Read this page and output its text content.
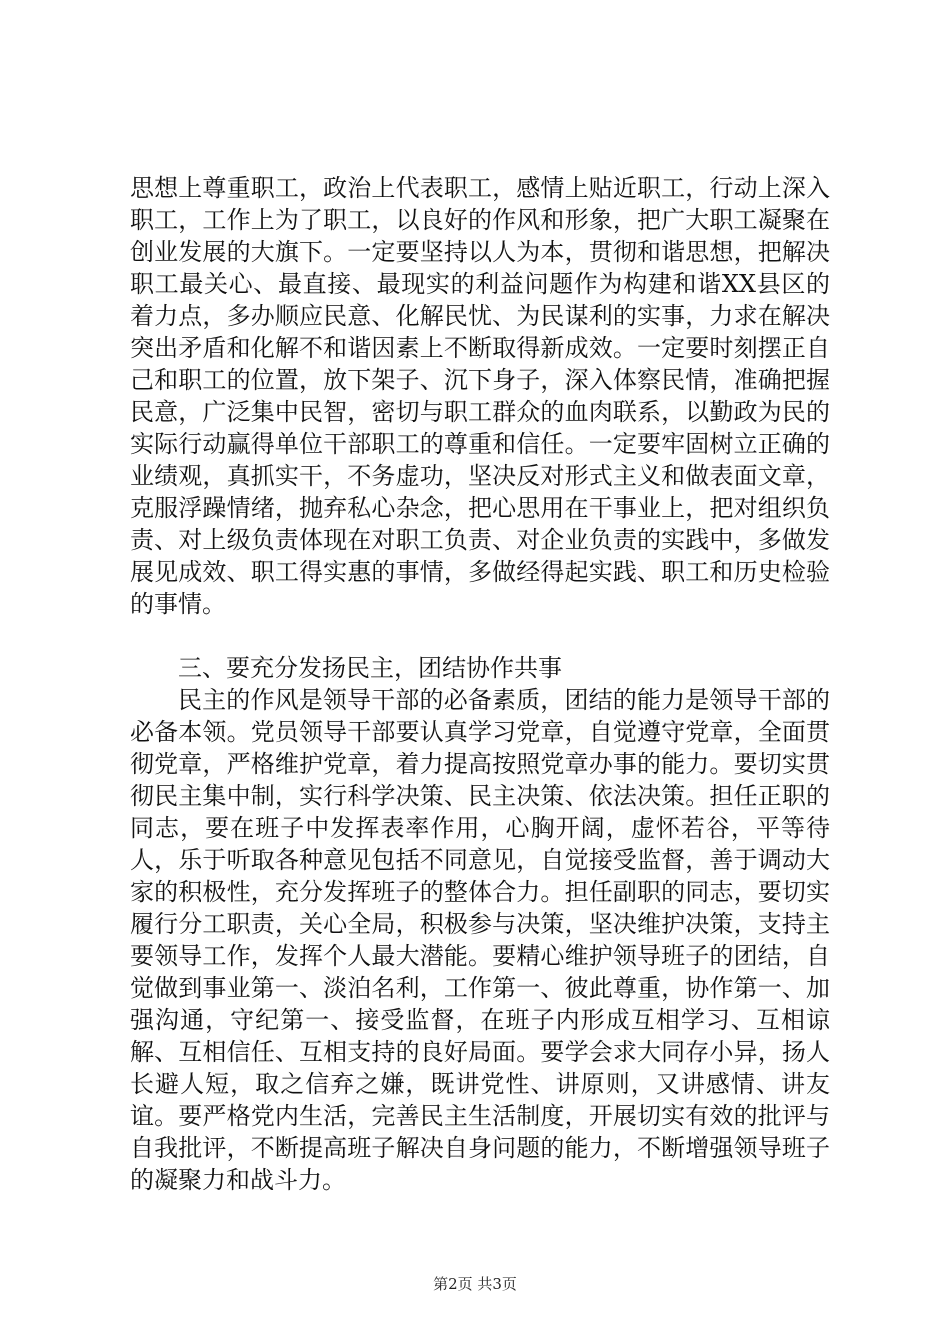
思想上尊重职工，政治上代表职工，感情上贴近职工，行动上深入职工，工作上为了职工，以良好的作风和形象，把广大职工凝聚在创业发展的大旗下。一定要坚持以人为本，贯彻和谐思想，把解决职工最关心、最直接、最现实的利益问题作为构建和谐XX县区的着力点，多办顺应民意、化解民忧、为民谋利的实事，力求在解决突出矛盾和化解不和谐因素上不断取得新成效。一定要时刻摆正自己和职工的位置，放下架子、沉下身子，深入体察民情，准确把握民意，广泛集中民智，密切与职工群众的血肉联系，以勤政为民的实际行动赢得单位干部职工的尊重和信任。一定要牢固树立正确的业绩观，真抓实干，不务虚功，坚决反对形式主义和做表面文章，克服浮躁情绪，抛弃私心杂念，把心思用在干事业上，把对组织负责、对上级负责体现在对职工负责、对企业负责的实践中，多做发展见成效、职工得实惠的事情，多做经得起实践、职工和历史检验的事情。

三、要充分发扬民主，团结协作共事

民主的作风是领导干部的必备素质，团结的能力是领导干部的必备本领。党员领导干部要认真学习党章，自觉遵守党章，全面贯彻党章，严格维护党章，着力提高按照党章办事的能力。要切实贯彻民主集中制，实行科学决策、民主决策、依法决策。担任正职的同志，要在班子中发挥表率作用，心胸开阔，虚怀若谷，平等待人，乐于听取各种意见包括不同意见，自觉接受监督，善于调动大家的积极性，充分发挥班子的整体合力。担任副职的同志，要切实履行分工职责，关心全局，积极参与决策，坚决维护决策，支持主要领导工作，发挥个人最大潜能。要精心维护领导班子的团结，自觉做到事业第一、淡泊名利，工作第一、彼此尊重，协作第一、加强沟通，守纪第一、接受监督，在班子内形成互相学习、互相谅解、互相信任、互相支持的良好局面。要学会求大同存小异，扬人长避人短，取之信弃之嫌，既讲党性、讲原则，又讲感情、讲友谊。要严格党内生活，完善民主生活制度，开展切实有效的批评与自我批评，不断提高班子解决自身问题的能力，不断增强领导班子的凝聚力和战斗力。

第2页 共3页
